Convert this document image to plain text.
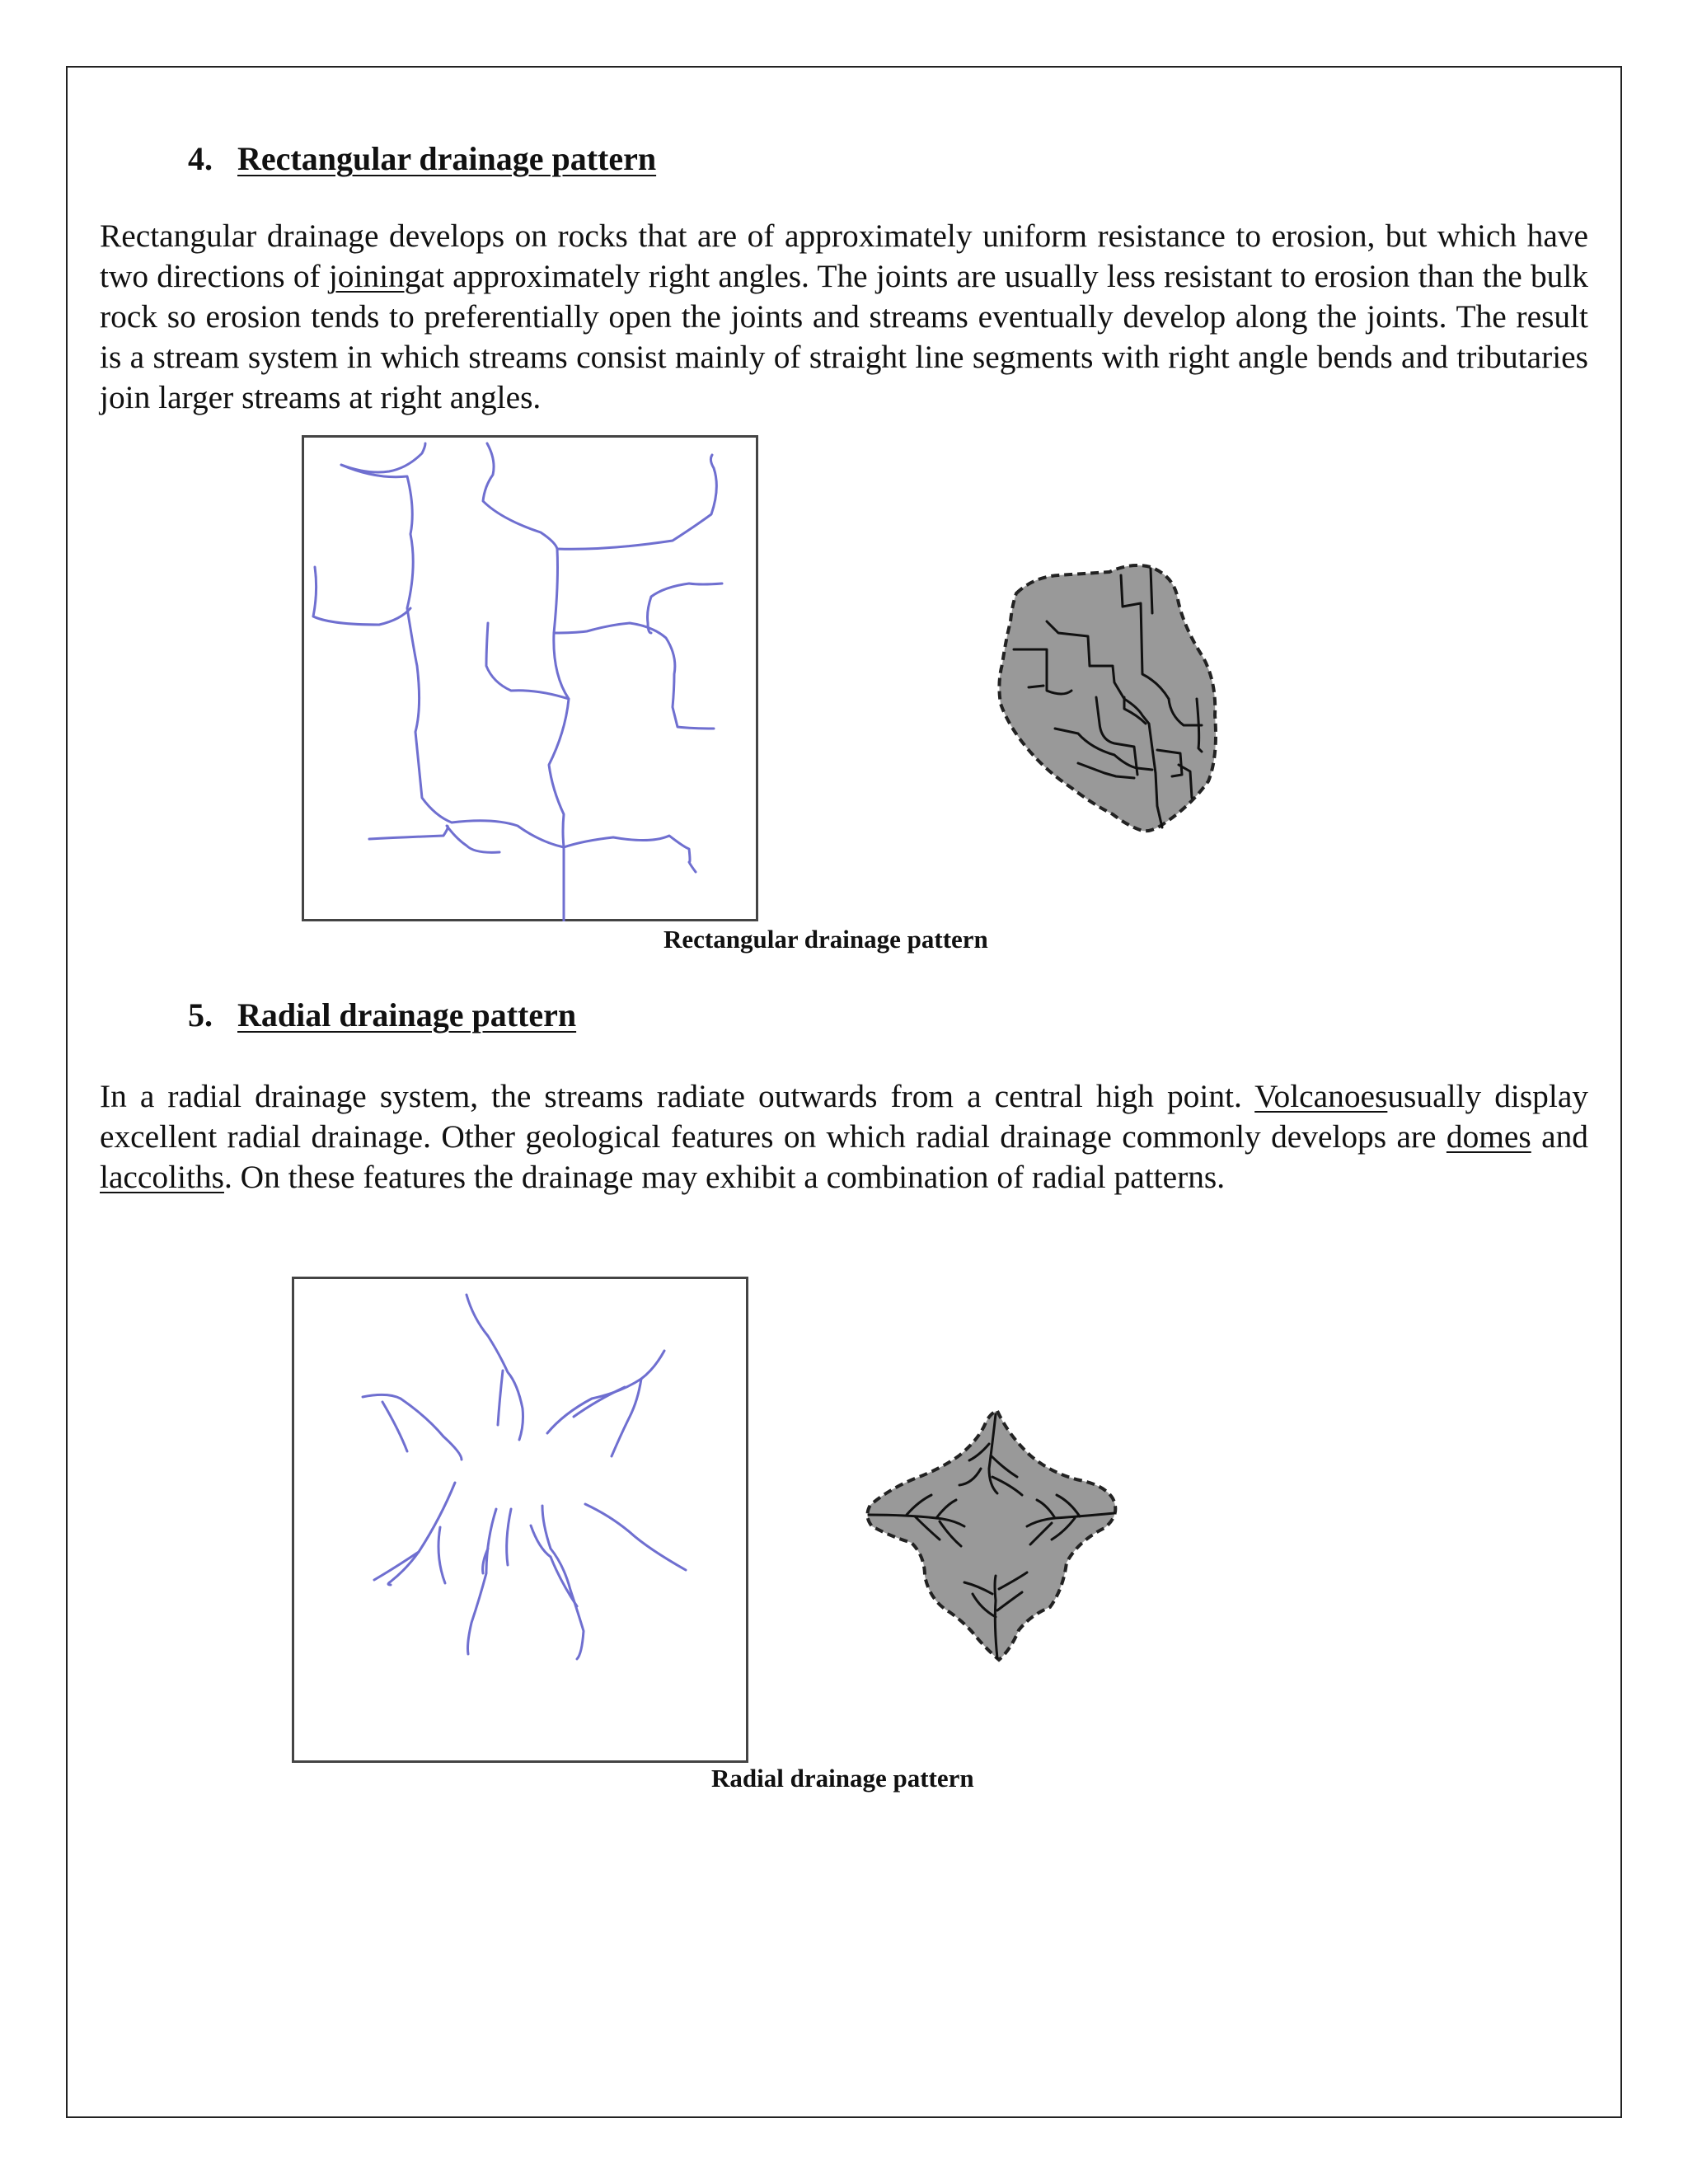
4. Rectangular drainage pattern
Rectangular drainage develops on rocks that are of approximately uniform resistance to erosion, but which have two directions of joiningat approximately right angles. The joints are usually less resistant to erosion than the bulk rock so erosion tends to preferentially open the joints and streams eventually develop along the joints. The result is a stream system in which streams consist mainly of straight line segments with right angle bends and tributaries join larger streams at right angles.
Rectangular drainage pattern
5. Radial drainage pattern
In a radial drainage system, the streams radiate outwards from a central high point. Volcanoesusually display excellent radial drainage. Other geological features on which radial drainage commonly develops are domes and laccoliths. On these features the drainage may exhibit a combination of radial patterns.
Radial drainage pattern
